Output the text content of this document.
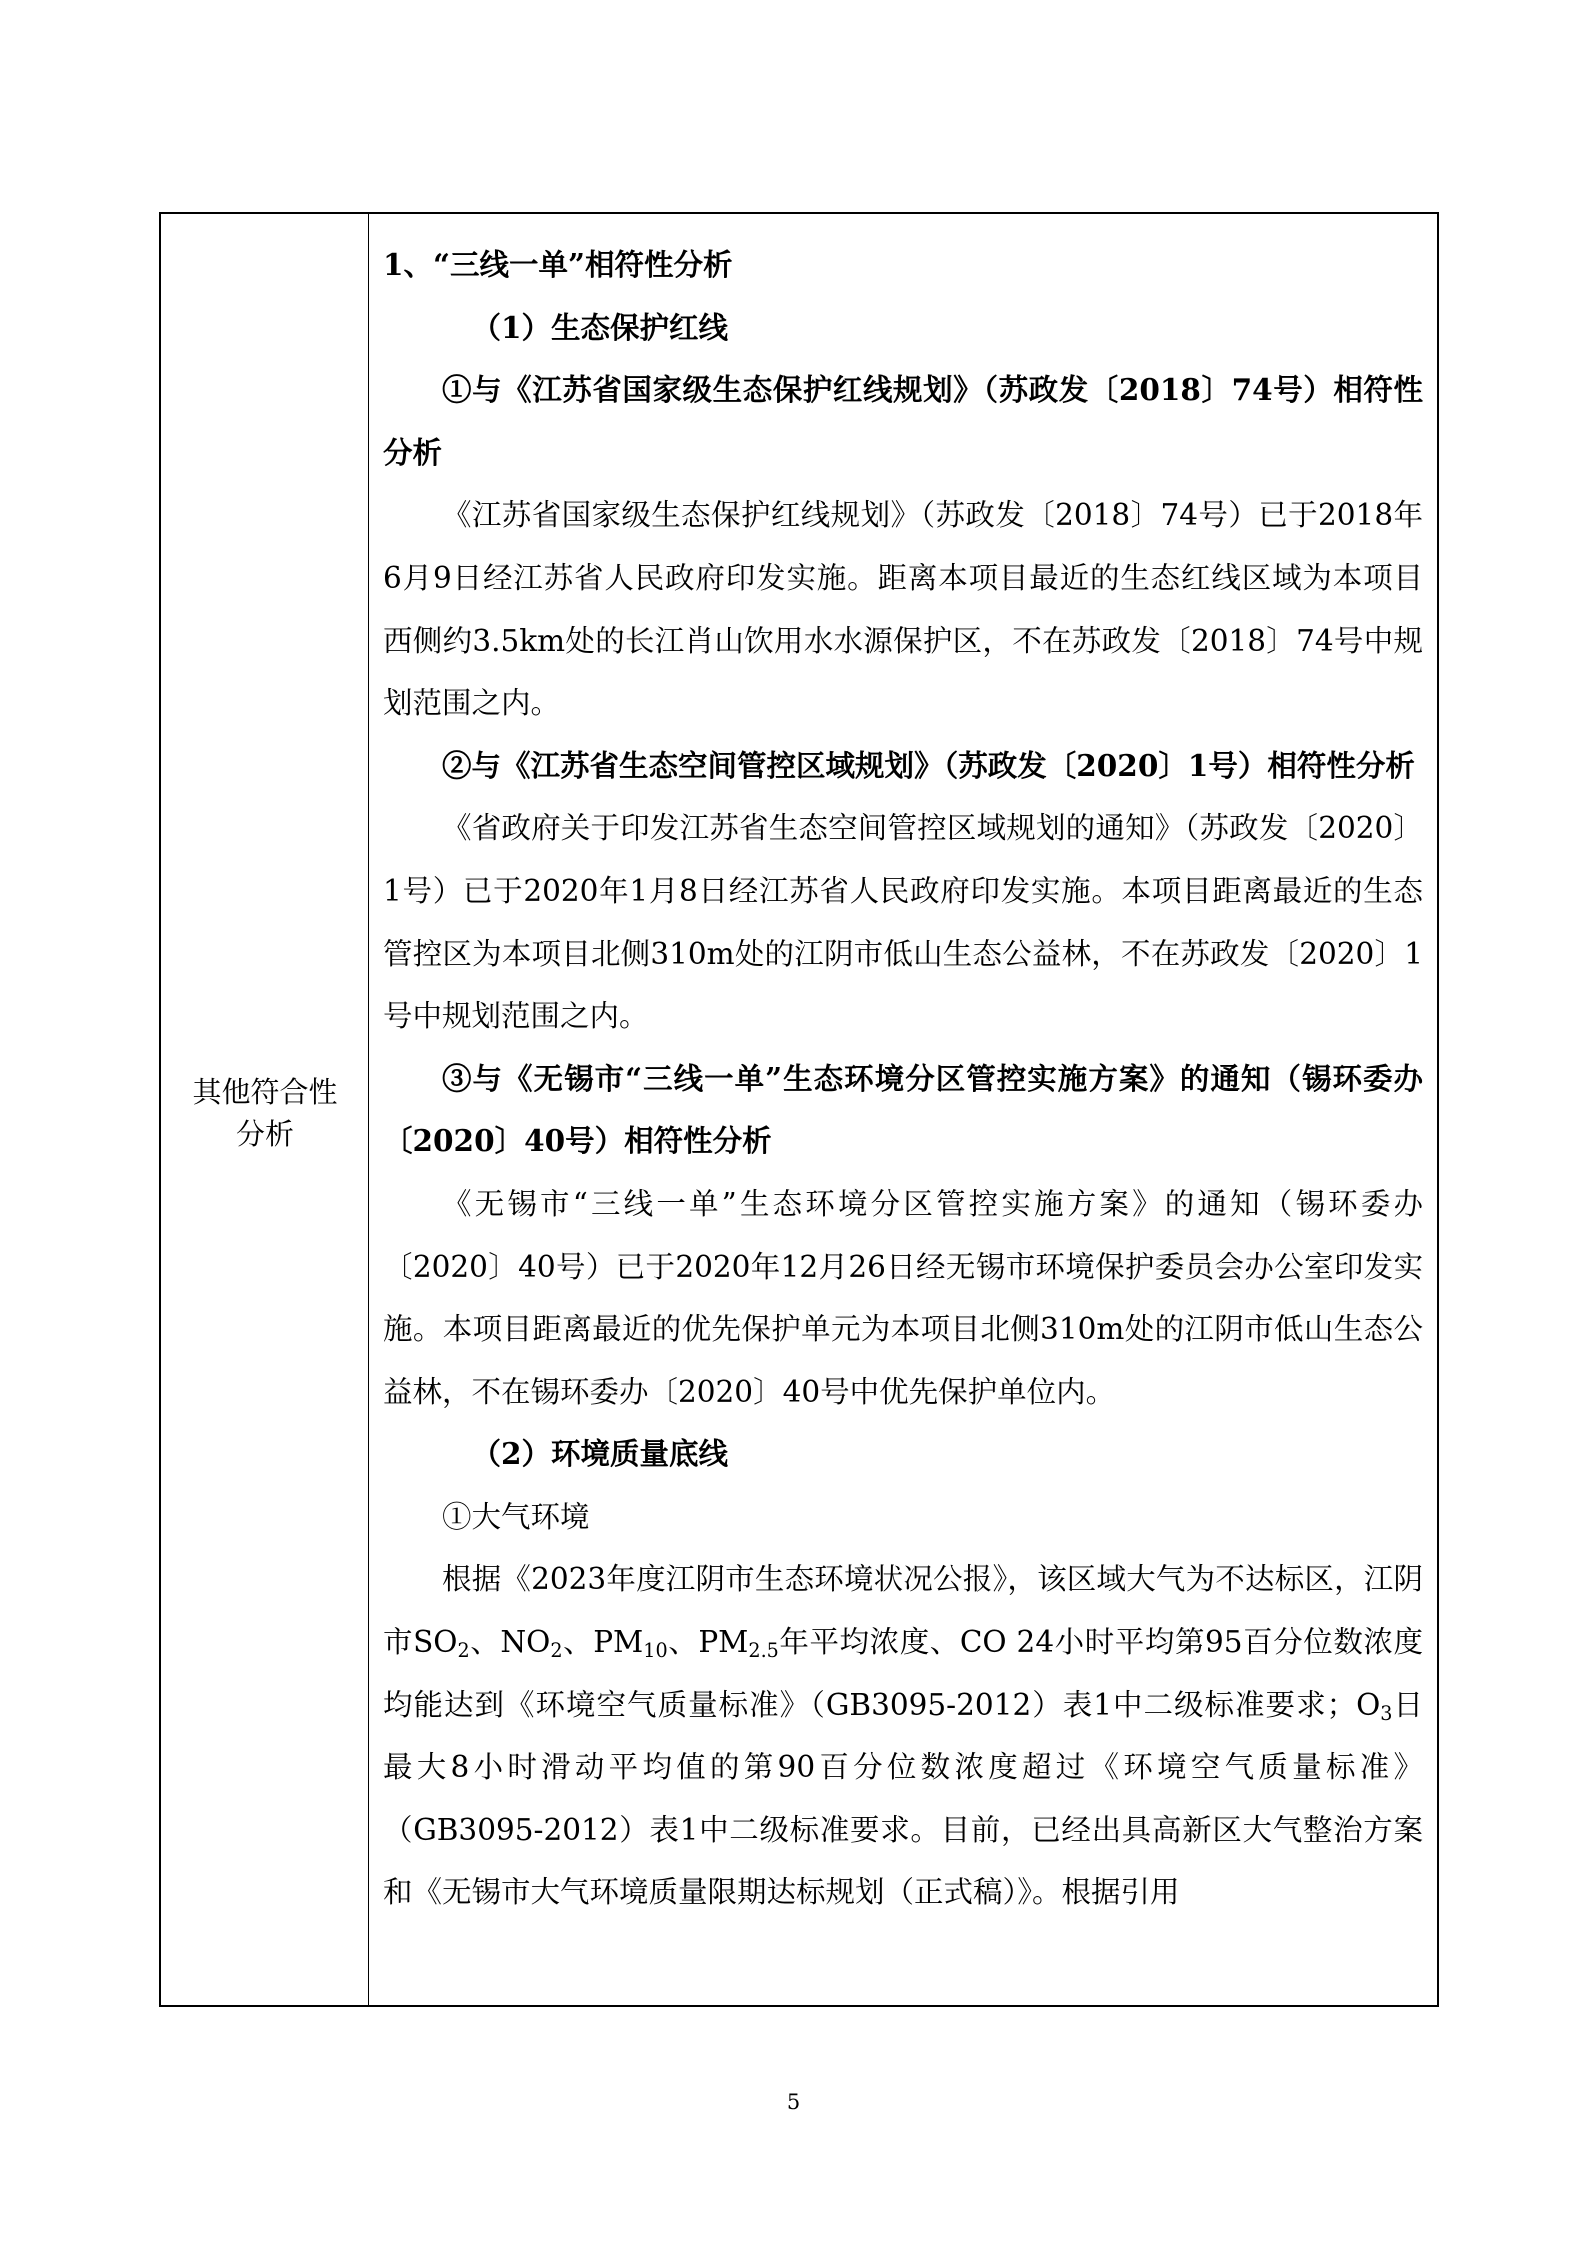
其他符合性
分析

1、“三线一单”相符性分析

（1）生态保护红线

①与《江苏省国家级生态保护红线规划》（苏政发〔2018〕74号）相符性分析

《江苏省国家级生态保护红线规划》（苏政发〔2018〕74号）已于2018年6月9日经江苏省人民政府印发实施。距离本项目最近的生态红线区域为本项目西侧约3.5km处的长江肖山饮用水水源保护区，不在苏政发〔2018〕74号中规划范围之内。

②与《江苏省生态空间管控区域规划》（苏政发〔2020〕1号）相符性分析

《省政府关于印发江苏省生态空间管控区域规划的通知》（苏政发〔2020〕1号）已于2020年1月8日经江苏省人民政府印发实施。本项目距离最近的生态管控区为本项目北侧310m处的江阴市低山生态公益林，不在苏政发〔2020〕1号中规划范围之内。

③与《无锡市“三线一单”生态环境分区管控实施方案》的通知（锡环委办〔2020〕40号）相符性分析

《无锡市“三线一单”生态环境分区管控实施方案》的通知（锡环委办〔2020〕40号）已于2020年12月26日经无锡市环境保护委员会办公室印发实施。本项目距离最近的优先保护单元为本项目北侧310m处的江阴市低山生态公益林，不在锡环委办〔2020〕40号中优先保护单位内。

（2）环境质量底线

①大气环境

根据《2023年度江阴市生态环境状况公报》，该区域大气为不达标区，江阴市$SO_2$、$NO_2$、$PM_{10}$、$PM_{2.5}$年平均浓度、CO 24小时平均第95百分位数浓度均能达到《环境空气质量标准》（GB3095-2012）表1中二级标准要求；$O_3$日最大8小时滑动平均值的第90百分位数浓度超过《环境空气质量标准》（GB3095-2012）表1中二级标准要求。目前，已经出具高新区大气整治方案和《无锡市大气环境质量限期达标规划（正式稿）》。根据引用

5
